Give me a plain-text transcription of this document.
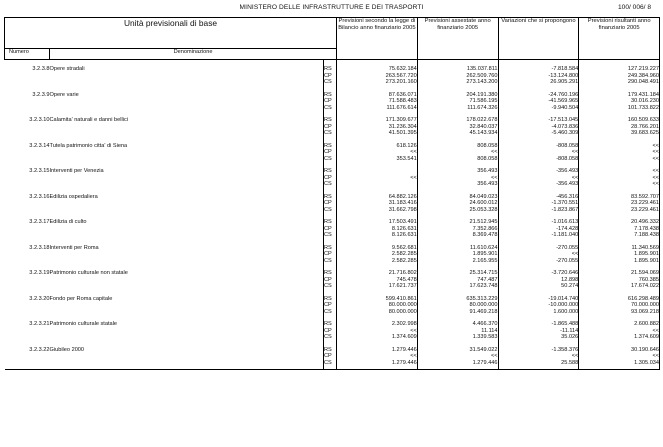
MINISTERO DELLE INFRASTRUTTURE E DEI TRASPORTI	100/ 006/ 8
Unità previsionali di base			Previsioni secondo la legge di Bilancio anno finanziario 2005	Previsioni assestate anno finanziario 2005	Variazioni che si propongono	Previsioni risultanti anno finanziario 2005
Numero	Denominazione					
3.2.3.8	Opere stradali	RS	75.632.184	135.037.811	-7.818.584	127.219.227
		CP	263.567.720	262.509.760	-13.124.800	249.384.960
		CS	273.201.160	273.143.200	26.905.291	290.048.491
3.2.3.9	Opere varie	RS	87.636.071	204.191.380	-24.760.196	179.431.184
		CP	71.588.483	71.586.195	-41.569.965	30.016.230
		CS	111.676.614	111.674.326	-9.940.504	101.733.822
3.2.3.10	Calamita' naturali e danni bellici	RS	171.309.677	178.022.678	-17.513.045	160.509.633
		CP	31.236.304	32.840.037	-4.073.836	28.766.201
		CS	41.501.395	45.143.934	-5.460.309	39.683.625
3.2.3.14	Tutela patrimonio citta' di Siena	RS	618.126	808.058	-808.058	<<
		CP	<<	<<	<<	<<
		CS	353.541	808.058	-808.058	<<
3.2.3.15	Interventi per Venezia	RS		356.493	-356.493	<<
		CP	<<	<<	<<	<<
		CS		356.493	-356.493	<<
3.2.3.16	Edilizia ospedaliera	RS	64.882.126	84.049.023	-456.316	83.592.707
		CP	31.183.416	24.600.012	-1.370.551	23.229.461
		CS	31.662.798	25.053.328	-1.823.867	23.229.461
3.2.3.17	Edilizia di culto	RS	17.503.491	21.512.945	-1.016.613	20.496.332
		CP	8.126.631	7.352.866	-174.428	7.178.438
		CS	8.126.631	8.369.478	-1.181.040	7.188.438
3.2.3.18	Interventi per Roma	RS	9.562.681	11.610.624	-270.055	11.340.569
		CP	2.582.285	1.895.901	<<	1.895.901
		CS	2.582.285	2.165.955	-270.055	1.895.901
3.2.3.19	Patrimonio culturale non statale	RS	21.716.802	25.314.715	-3.720.646	21.594.069
		CP	745.478	747.487	12.898	760.385
		CS	17.621.737	17.623.748	50.274	17.674.022
3.2.3.20	Fondo per Roma capitale	RS	599.410.861	635.313.229	-19.014.740	616.298.489
		CP	80.000.000	80.000.000	-10.000.000	70.000.000
		CS	80.000.000	91.469.218	1.600.000	93.069.218
3.2.3.21	Patrimonio culturale statale	RS	2.302.998	4.466.370	-1.865.488	2.600.882
		CP	<<	11.114	-11.114	<<
		CS	1.374.609	1.339.583	35.026	1.374.609
3.2.3.22	Giubileo 2000	RS	1.279.446	31.549.022	-1.358.376	30.190.646
		CP	<<	<<	<<	<<
		CS	1.279.446	1.279.446	25.588	1.305.034
